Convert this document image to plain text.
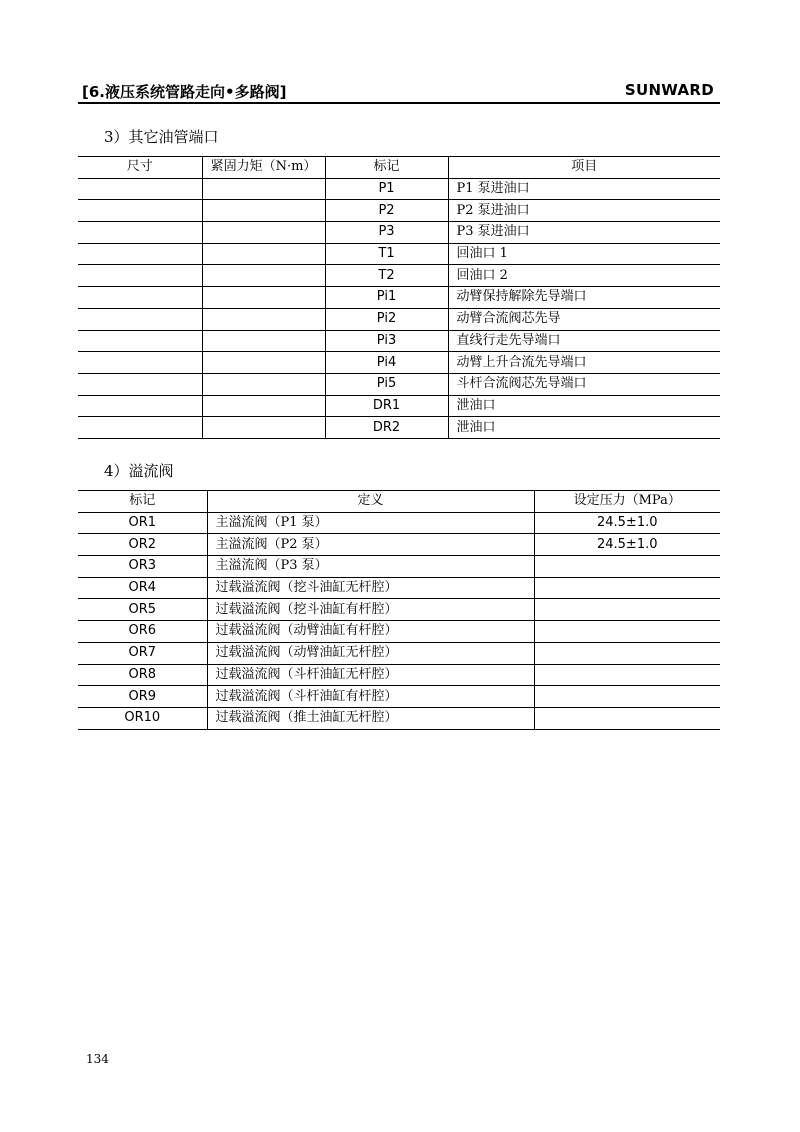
[6.液压系统管路走向•多路阀]	SUNWARD
3）其它油管端口
尺寸	紧固力矩（N·m）	标记	项目
		P1	P1 泵进油口
		P2	P2 泵进油口
		P3	P3 泵进油口
		T1	回油口 1
		T2	回油口 2
		Pi1	动臂保持解除先导端口
		Pi2	动臂合流阀芯先导
		Pi3	直线行走先导端口
		Pi4	动臂上升合流先导端口
		Pi5	斗杆合流阀芯先导端口
		DR1	泄油口
		DR2	泄油口
4）溢流阀
标记	定义	设定压力（MPa）
OR1	主溢流阀（P1 泵）	24.5±1.0
OR2	主溢流阀（P2 泵）	24.5±1.0
OR3	主溢流阀（P3 泵）	
OR4	过载溢流阀（挖斗油缸无杆腔）	
OR5	过载溢流阀（挖斗油缸有杆腔）	
OR6	过载溢流阀（动臂油缸有杆腔）	
OR7	过载溢流阀（动臂油缸无杆腔）	
OR8	过载溢流阀（斗杆油缸无杆腔）	
OR9	过载溢流阀（斗杆油缸有杆腔）	
OR10	过载溢流阀（推土油缸无杆腔）	
134
